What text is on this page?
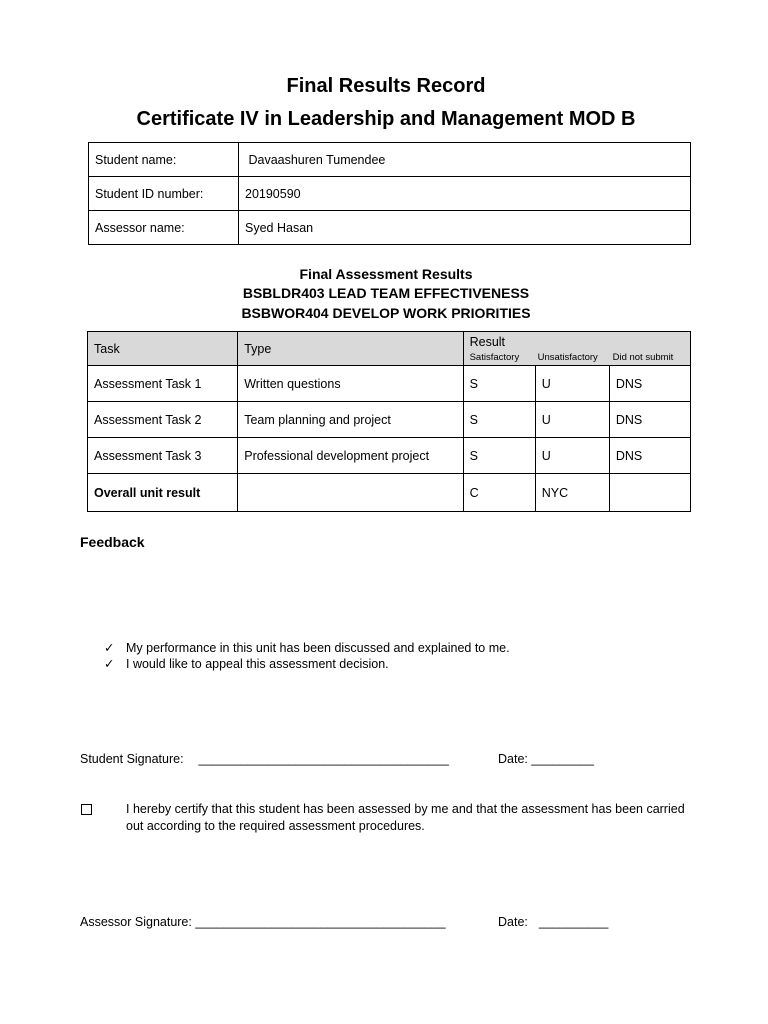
Final Results Record
Certificate IV in Leadership and Management MOD B
Student name:	Davaashuren Tumendee
Student ID number:	20190590
Assessor name:	Syed Hasan
Final Assessment Results
BSBLDR403 LEAD TEAM EFFECTIVENESS
BSBWOR404 DEVELOP WORK PRIORITIES
Task	Type	Result
Satisfactory Unsatisfactory Did not submit		

Assessment Task 1	Written questions	S	U	DNS
Assessment Task 2	Team planning and project	S	U	DNS
Assessment Task 3	Professional development project	S	U	DNS
Overall unit result		C	NYC	
Feedback
✓ My performance in this unit has been discussed and explained to me.
✓ I would like to appeal this assessment decision.
Student Signature: ____________________________________	Date: _________
I hereby certify that this student has been assessed by me and that the assessment has been carried out according to the required assessment procedures.
Assessor Signature: ____________________________________	Date: __________
